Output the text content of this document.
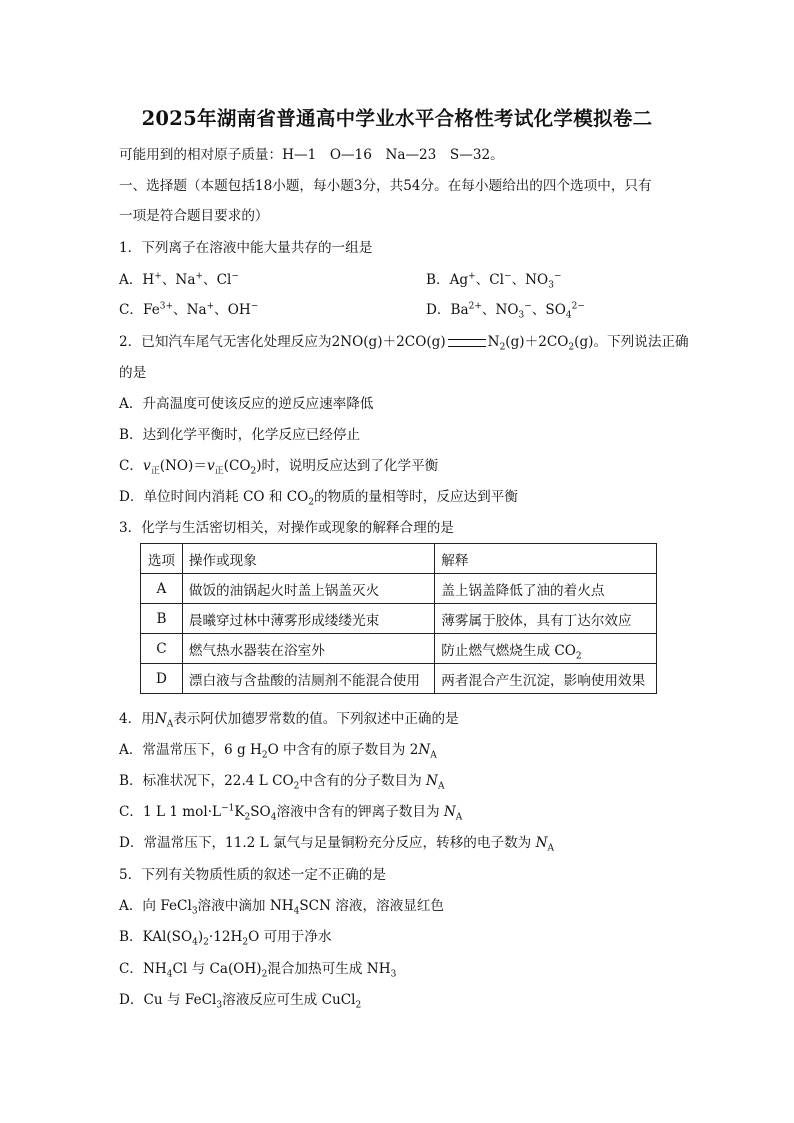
2025年湖南省普通高中学业水平合格性考试化学模拟卷二
可能用到的相对原子质量：H—1　O—16　Na—23　S—32。
一、选择题（本题包括18小题，每小题3分，共54分。在每小题给出的四个选项中，只有
一项是符合题目要求的）
1．下列离子在溶液中能大量共存的一组是
A．H+、Na+、Cl−	B．Ag+、Cl−、$NO_3^-$
C．$Fe^{3+}$、Na+、OH−	D．$Ba^{2+}$、$NO_3^-$、$SO_4^{2-}$
2．已知汽车尾气无害化处理反应为2NO(g)＋2CO(g)	$N_2(g)+2CO_2(g)$。下列说法正确
的是
A．升高温度可使该反应的逆反应速率降低
B．达到化学平衡时，化学反应已经停止
C．$v_正(NO)=v_正(CO_2)$时，说明反应达到了化学平衡
D．单位时间内消耗 CO 和 $CO_2$的物质的量相等时，反应达到平衡
3．化学与生活密切相关，对操作或现象的解释合理的是
选项	操作或现象	解释
A	做饭的油锅起火时盖上锅盖灭火	盖上锅盖降低了油的着火点
B	晨曦穿过林中薄雾形成缕缕光束	薄雾属于胶体，具有丁达尔效应
C	燃气热水器装在浴室外	防止燃气燃烧生成 $CO_2$
D	漂白液与含盐酸的洁厕剂不能混合使用	两者混合产生沉淀，影响使用效果
4．用$N_A$表示阿伏加德罗常数的值。下列叙述中正确的是
A．常温常压下，6 g $H_2O$ 中含有的原子数目为 $2N_A$
B．标准状况下，22.4 L $CO_2$中含有的分子数目为 $N_A$
C．1 L 1 $mol\cdot L^{-1}K_2SO_4$溶液中含有的钾离子数目为 $N_A$
D．常温常压下，11.2 L 氯气与足量铜粉充分反应，转移的电子数为 $N_A$
5．下列有关物质性质的叙述一定不正确的是
A．向 FeCl$_3$溶液中滴加 $NH_4SCN$ 溶液，溶液显红色
B．$KAl(SO_4)_2\cdot 12H_2O$ 可用于净水
C．$NH_4Cl$ 与 $Ca(OH)_2$混合加热可生成 $NH_3$
D．Cu 与 FeCl$_3$溶液反应可生成 CuCl$_2$
